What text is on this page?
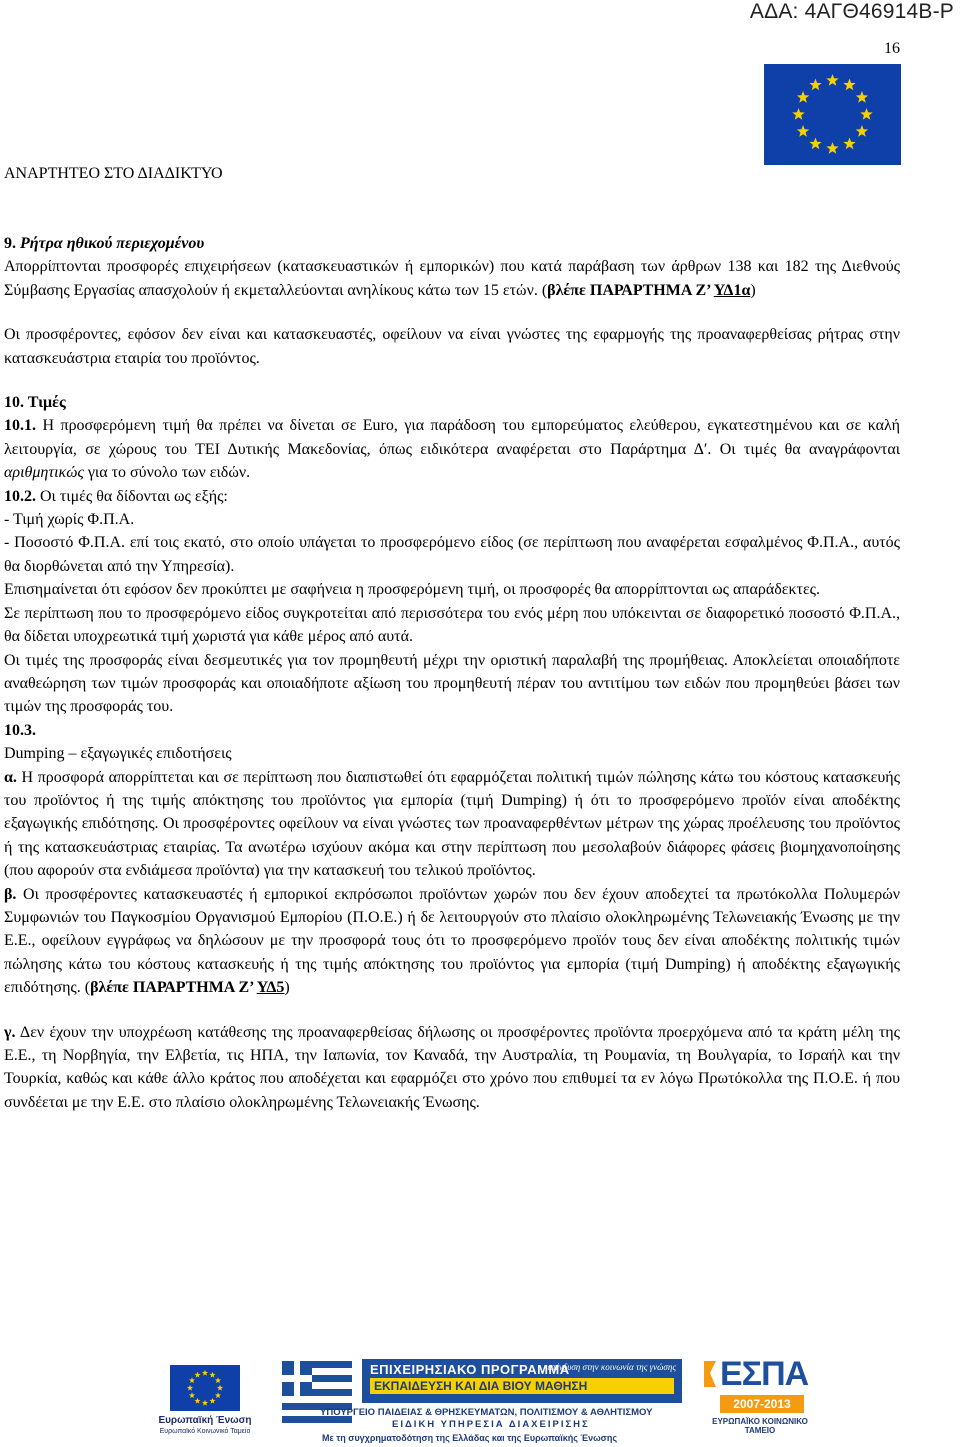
ΑΔΑ: 4ΑΓΘ46914Β-Ρ
16
ΑΝΑΡΤΗΤΕΟ ΣΤΟ ΔΙΑΔΙΚΤΥΟ

9. Ρήτρα ηθικού περιεχομένου

Απορρίπτονται προσφορές επιχειρήσεων (κατασκευαστικών ή εμπορικών) που κατά παράβαση των άρθρων 138 και 182 της Διεθνούς Σύμβασης Εργασίας απασχολούν ή εκμεταλλεύονται ανηλίκους κάτω των 15 ετών. (βλέπε ΠΑΡΑΡΤΗΜΑ Ζ’ ΥΔ1α)

Οι προσφέροντες, εφόσον δεν είναι και κατασκευαστές, οφείλουν να είναι γνώστες της εφαρμογής της προαναφερθείσας ρήτρας στην κατασκευάστρια εταιρία του προϊόντος.

10. Τιμές

10.1. Η προσφερόμενη τιμή θα πρέπει να δίνεται σε Euro, για παράδοση του εμπορεύματος ελεύθερου, εγκατεστημένου και σε καλή λειτουργία, σε χώρους του ΤΕΙ Δυτικής Μακεδονίας, όπως ειδικότερα αναφέρεται στο Παράρτημα Δ′. Οι τιμές θα αναγράφονται αριθμητικώς για το σύνολο των ειδών.

10.2. Οι τιμές θα δίδονται ως εξής:

- Τιμή χωρίς Φ.Π.Α.

- Ποσοστό Φ.Π.Α. επί τοις εκατό, στο οποίο υπάγεται το προσφερόμενο είδος (σε περίπτωση που αναφέρεται εσφαλμένος Φ.Π.Α., αυτός θα διορθώνεται από την Υπηρεσία).

Επισημαίνεται ότι εφόσον δεν προκύπτει με σαφήνεια η προσφερόμενη τιμή, οι προσφορές θα απορρίπτονται ως απαράδεκτες.

Σε περίπτωση που το προσφερόμενο είδος συγκροτείται από περισσότερα του ενός μέρη που υπόκεινται σε διαφορετικό ποσοστό Φ.Π.Α., θα δίδεται υποχρεωτικά τιμή χωριστά για κάθε μέρος από αυτά.

Οι τιμές της προσφοράς είναι δεσμευτικές για τον προμηθευτή μέχρι την οριστική παραλαβή της προμήθειας. Αποκλείεται οποιαδήποτε αναθεώρηση των τιμών προσφοράς και οποιαδήποτε αξίωση του προμηθευτή πέραν του αντιτίμου των ειδών που προμηθεύει βάσει των τιμών της προσφοράς του.

10.3.

Dumping – εξαγωγικές επιδοτήσεις

α. Η προσφορά απορρίπτεται και σε περίπτωση που διαπιστωθεί ότι εφαρμόζεται πολιτική τιμών πώλησης κάτω του κόστους κατασκευής του προϊόντος ή της τιμής απόκτησης του προϊόντος για εμπορία (τιμή Dumping) ή ότι το προσφερόμενο προϊόν είναι αποδέκτης εξαγωγικής επιδότησης. Οι προσφέροντες οφείλουν να είναι γνώστες των προαναφερθέντων μέτρων της χώρας προέλευσης του προϊόντος ή της κατασκευάστριας εταιρίας. Τα ανωτέρω ισχύουν ακόμα και στην περίπτωση που μεσολαβούν διάφορες φάσεις βιομηχανοποίησης (που αφορούν στα ενδιάμεσα προϊόντα) για την κατασκευή του τελικού προϊόντος.

β. Οι προσφέροντες κατασκευαστές ή εμπορικοί εκπρόσωποι προϊόντων χωρών που δεν έχουν αποδεχτεί τα πρωτόκολλα Πολυμερών Συμφωνιών του Παγκοσμίου Οργανισμού Εμπορίου (Π.Ο.Ε.) ή δε λειτουργούν στο πλαίσιο ολοκληρωμένης Τελωνειακής Ένωσης με την Ε.Ε., οφείλουν εγγράφως να δηλώσουν με την προσφορά τους ότι το προσφερόμενο προϊόν τους δεν είναι αποδέκτης πολιτικής τιμών πώλησης κάτω του κόστους κατασκευής ή της τιμής απόκτησης του προϊόντος για εμπορία (τιμή Dumping) ή αποδέκτης εξαγωγικής επιδότησης. (βλέπε ΠΑΡΑΡΤΗΜΑ Ζ’ ΥΔ5)

γ. Δεν έχουν την υποχρέωση κατάθεσης της προαναφερθείσας δήλωσης οι προσφέροντες προϊόντα προερχόμενα από τα κράτη μέλη της Ε.Ε., τη Νορβηγία, την Ελβετία, τις ΗΠΑ, την Ιαπωνία, τον Καναδά, την Αυστραλία, τη Ρουμανία, τη Βουλγαρία, το Ισραήλ και την Τουρκία, καθώς και κάθε άλλο κράτος που αποδέχεται και εφαρμόζει στο χρόνο που επιθυμεί τα εν λόγω Πρωτόκολλα της Π.Ο.Ε. ή που συνδέεται με την Ε.Ε. στο πλαίσιο ολοκληρωμένης Τελωνειακής Ένωσης.

Ευρωπαϊκή Ένωση
Ευρωπαϊκό Κοινωνικό Ταμείο
ΕΠΙΧΕΙΡΗΣΙΑΚΟ ΠΡΟΓΡΑΜΜΑ
επένδυση στην κοινωνία της γνώσης
ΕΚΠΑΙΔΕΥΣΗ ΚΑΙ ΔΙΑ ΒΙΟΥ ΜΑΘΗΣΗ
ΥΠΟΥΡΓΕΙΟ ΠΑΙΔΕΙΑΣ & ΘΡΗΣΚΕΥΜΑΤΩΝ, ΠΟΛΙΤΙΣΜΟΥ & ΑΘΛΗΤΙΣΜΟΥ
ΕΙΔΙΚΗ ΥΠΗΡΕΣΙΑ ΔΙΑΧΕΙΡΙΣΗΣ
Με τη συγχρηματοδότηση της Ελλάδας και της Ευρωπαϊκής Ένωσης
ΕΣΠΑ
2007-2013
ΕΥΡΩΠΑΪΚΟ ΚΟΙΝΩΝΙΚΟ ΤΑΜΕΙΟ
